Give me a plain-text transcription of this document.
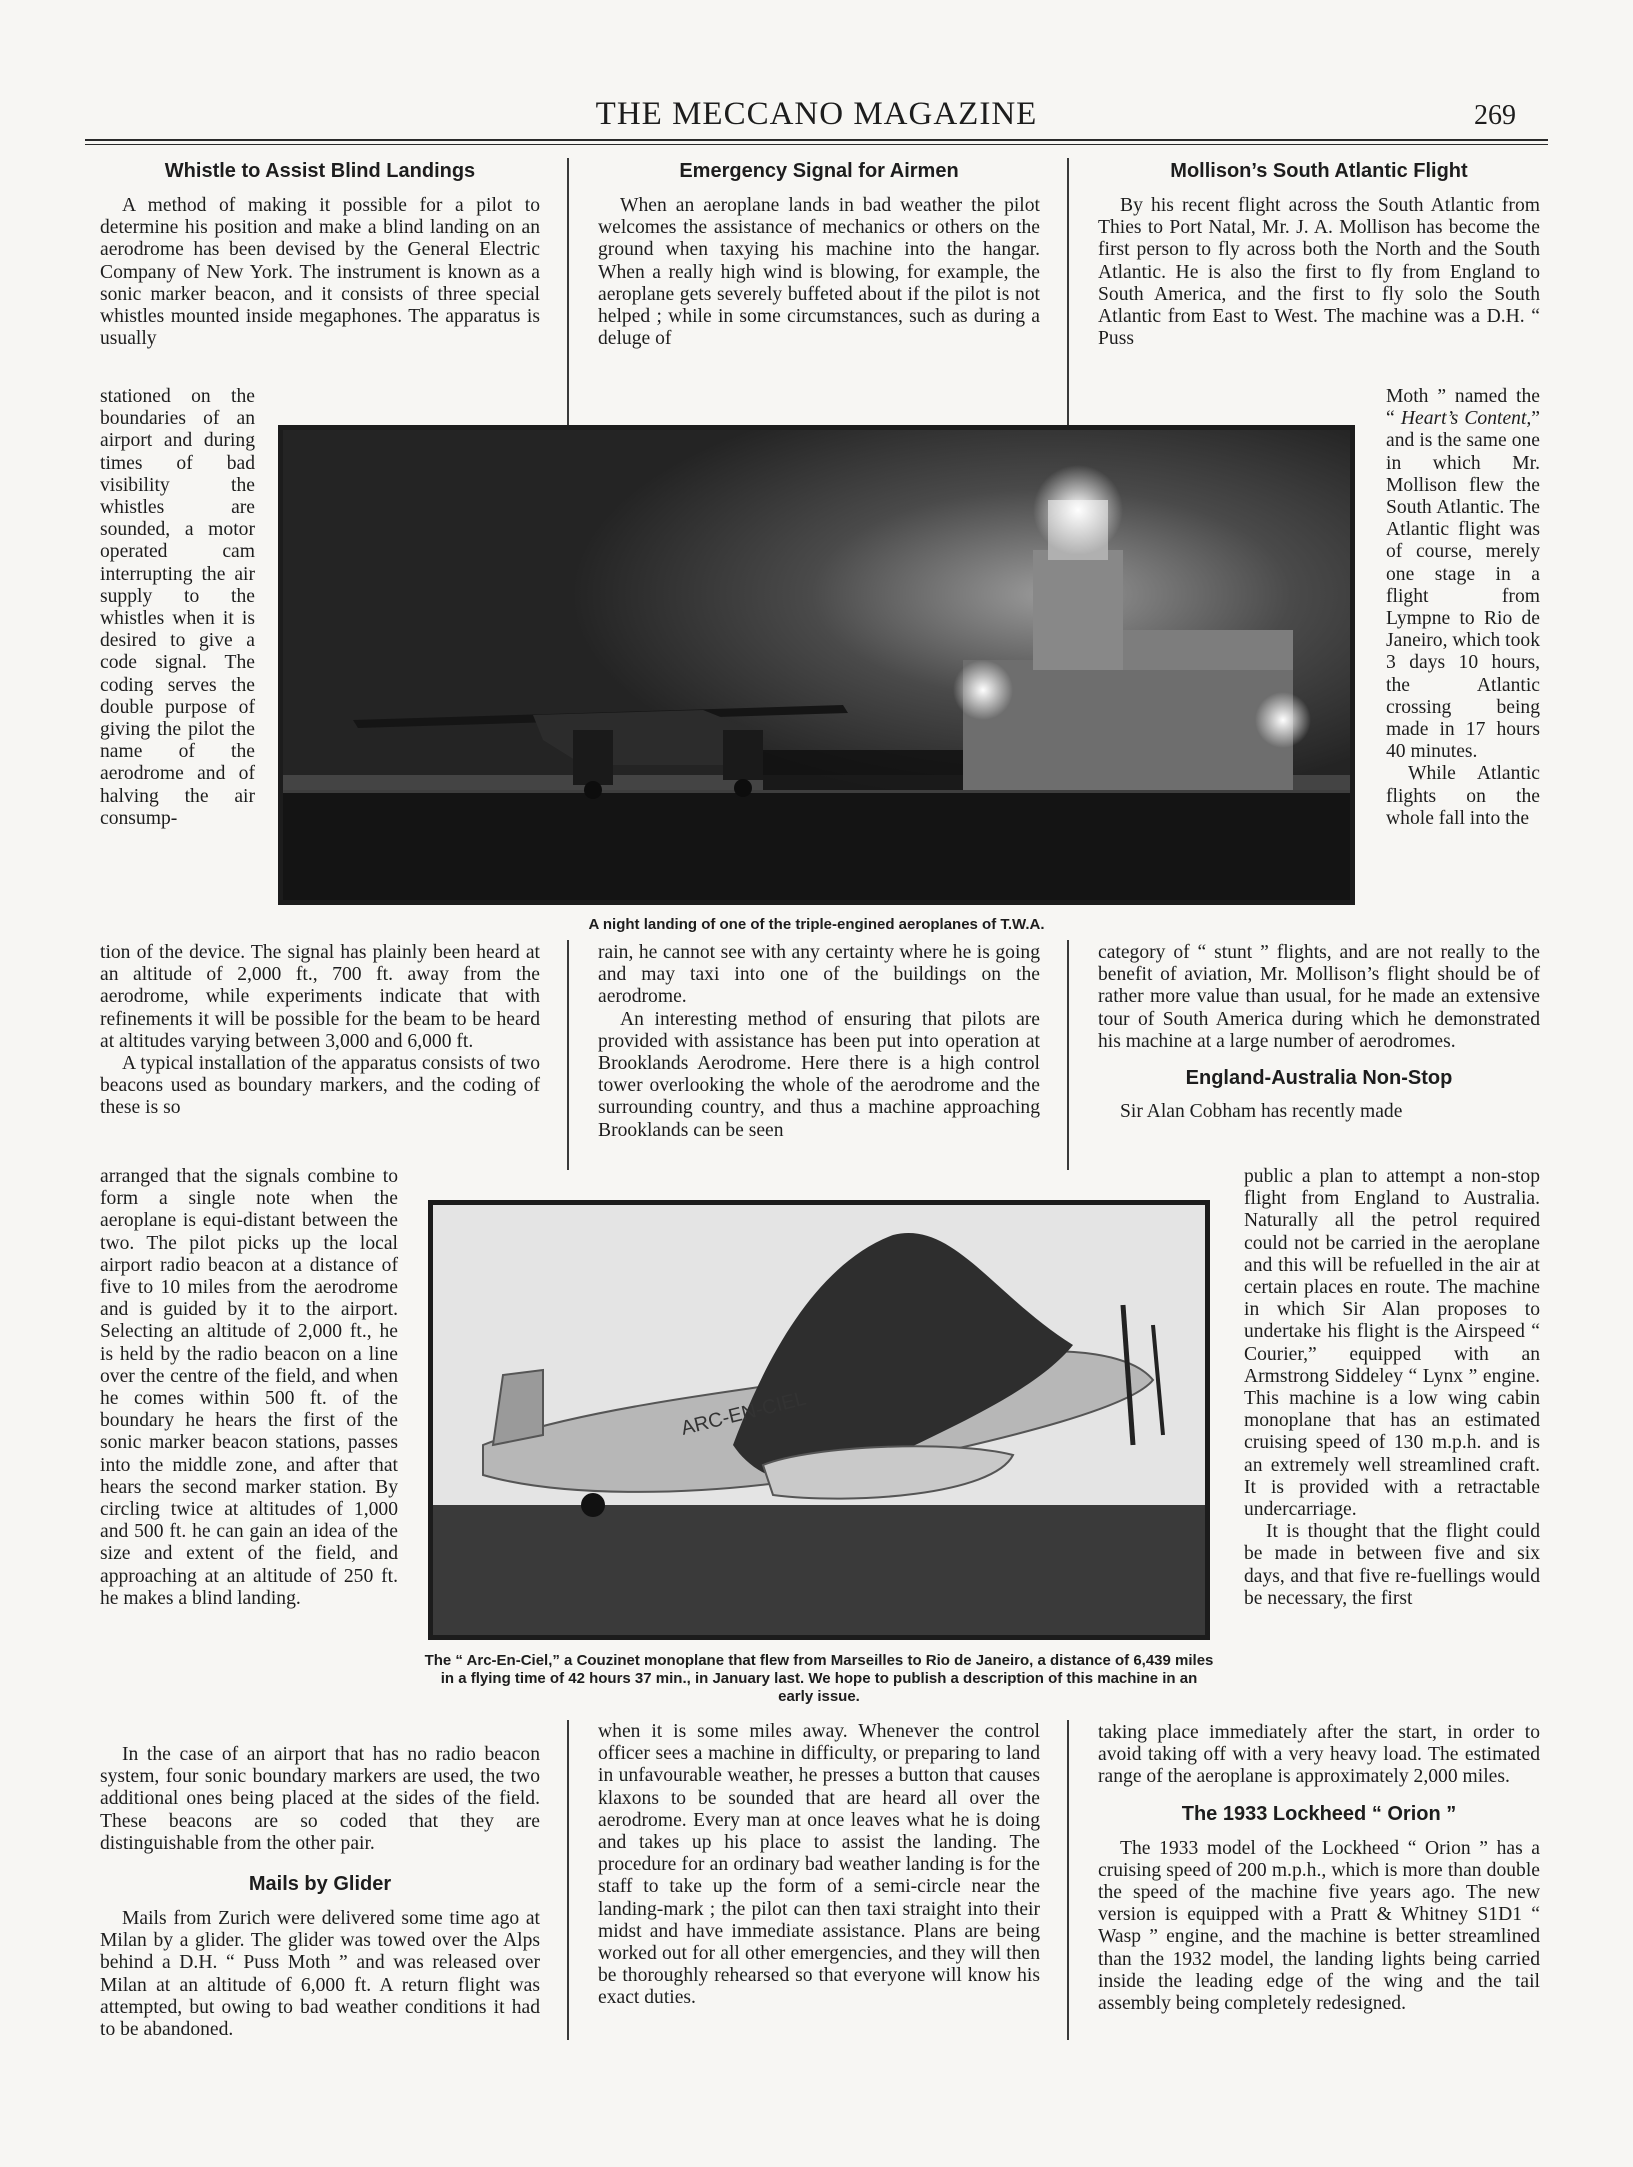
THE MECCANO MAGAZINE	269
Whistle to Assist Blind Landings

A method of making it possible for a pilot to determine his position and make a blind landing on an aerodrome has been devised by the General Electric Company of New York. The instrument is known as a sonic marker beacon, and it consists of three special whistles mounted inside megaphones. The apparatus is usually

stationed on the boundaries of an airport and during times of bad visibility the whistles are sounded, a motor operated cam interrupting the air supply to the whistles when it is desired to give a code signal. The coding serves the double purpose of giving the pilot the name of the aerodrome and of halving the air consump-

tion of the device. The signal has plainly been heard at an altitude of 2,000 ft., 700 ft. away from the aerodrome, while experiments indicate that with refinements it will be possible for the beam to be heard at altitudes varying between 3,000 and 6,000 ft.

A typical installation of the apparatus consists of two beacons used as boundary markers, and the coding of these is so

arranged that the signals combine to form a single note when the aeroplane is equi-distant between the two. The pilot picks up the local airport radio beacon at a distance of five to 10 miles from the aerodrome and is guided by it to the airport. Selecting an altitude of 2,000 ft., he is held by the radio beacon on a line over the centre of the field, and when he comes within 500 ft. of the boundary he hears the first of the sonic marker beacon stations, passes into the middle zone, and after that hears the second marker station. By circling twice at altitudes of 1,000 and 500 ft. he can gain an idea of the size and extent of the field, and approaching at an altitude of 250 ft. he makes a blind landing.

In the case of an airport that has no radio beacon system, four sonic boundary markers are used, the two additional ones being placed at the sides of the field. These beacons are so coded that they are distinguishable from the other pair.

Mails by Glider

Mails from Zurich were delivered some time ago at Milan by a glider. The glider was towed over the Alps behind a D.H. “ Puss Moth ” and was released over Milan at an altitude of 6,000 ft. A return flight was attempted, but owing to bad weather conditions it had to be abandoned.

Emergency Signal for Airmen

When an aeroplane lands in bad weather the pilot welcomes the assistance of mechanics or others on the ground when taxying his machine into the hangar. When a really high wind is blowing, for example, the aeroplane gets severely buffeted about if the pilot is not helped ; while in some circumstances, such as during a deluge of

rain, he cannot see with any certainty where he is going and may taxi into one of the buildings on the aerodrome.

An interesting method of ensuring that pilots are provided with assistance has been put into operation at Brooklands Aerodrome. Here there is a high control tower overlooking the whole of the aerodrome and the surrounding country, and thus a machine approaching Brooklands can be seen

when it is some miles away. Whenever the control officer sees a machine in difficulty, or preparing to land in unfavourable weather, he presses a button that causes klaxons to be sounded that are heard all over the aerodrome. Every man at once leaves what he is doing and takes up his place to assist the landing. The procedure for an ordinary bad weather landing is for the staff to take up the form of a semi-circle near the landing-mark ; the pilot can then taxi straight into their midst and have immediate assistance. Plans are being worked out for all other emergencies, and they will then be thoroughly rehearsed so that everyone will know his exact duties.

Mollison’s South Atlantic Flight

By his recent flight across the South Atlantic from Thies to Port Natal, Mr. J. A. Mollison has become the first person to fly across both the North and the South Atlantic. He is also the first to fly from England to South America, and the first to fly solo the South Atlantic from East to West. The machine was a D.H. “ Puss

Moth ” named the “ Heart’s Content,” and is the same one in which Mr. Mollison flew the South Atlantic. The Atlantic flight was of course, merely one stage in a flight from Lympne to Rio de Janeiro, which took 3 days 10 hours, the Atlantic crossing being made in 17 hours 40 minutes.

While Atlantic flights on the whole fall into the

category of “ stunt ” flights, and are not really to the benefit of aviation, Mr. Mollison’s flight should be of rather more value than usual, for he made an extensive tour of South America during which he demonstrated his machine at a large number of aerodromes.

England-Australia Non-Stop

Sir Alan Cobham has recently made

public a plan to attempt a non-stop flight from England to Australia. Naturally all the petrol required could not be carried in the aeroplane and this will be refuelled in the air at certain places en route. The machine in which Sir Alan proposes to undertake his flight is the Airspeed “ Courier,” equipped with an Armstrong Siddeley “ Lynx ” engine. This machine is a low wing cabin monoplane that has an estimated cruising speed of 130 m.p.h. and is an extremely well streamlined craft. It is provided with a retractable undercarriage.

It is thought that the flight could be made in between five and six days, and that five re-fuellings would be necessary, the first

taking place immediately after the start, in order to avoid taking off with a very heavy load. The estimated range of the aeroplane is approximately 2,000 miles.

The 1933 Lockheed “ Orion ”

The 1933 model of the Lockheed “ Orion ” has a cruising speed of 200 m.p.h., which is more than double the speed of the machine five years ago. The new version is equipped with a Pratt & Whitney S1D1 “ Wasp ” engine, and the machine is better streamlined than the 1932 model, the landing lights being carried inside the leading edge of the wing and the tail assembly being completely redesigned.

A night landing of one of the triple-engined aeroplanes of T.W.A.
ARC-EN-CIEL
The “ Arc-En-Ciel,” a Couzinet monoplane that flew from Marseilles to Rio de Janeiro, a distance of 6,439 miles in a flying time of 42 hours 37 min., in January last. We hope to publish a description of this machine in an early issue.
